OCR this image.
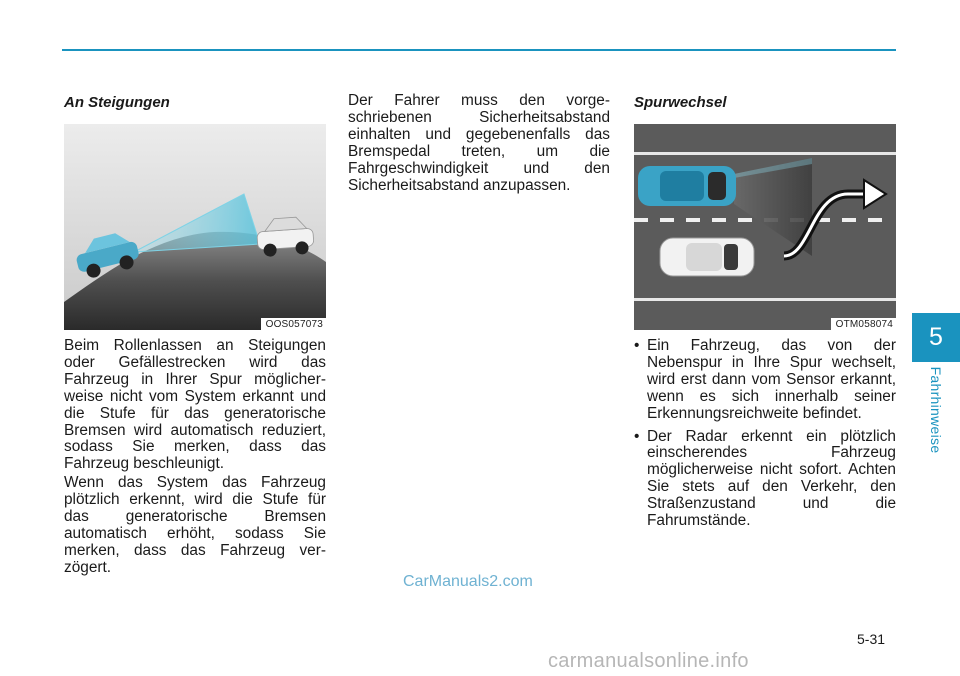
An Steigungen
OOS057073

Beim Rollenlassen an Steigungen oder Gefällestrecken wird das Fahrzeug in Ihrer Spur möglicher-weise nicht vom System erkannt und die Stufe für das generatorische Bremsen wird automatisch reduziert, sodass Sie merken, dass das Fahrzeug beschleunigt.

Wenn das System das Fahrzeug plötzlich erkennt, wird die Stufe für das generatorische Bremsen automatisch erhöht, sodass Sie merken, dass das Fahrzeug ver-zögert.

Der Fahrer muss den vorge-schriebenen Sicherheitsabstand einhalten und gegebenenfalls das Bremspedal treten, um die Fahrgeschwindigkeit und den Sicherheitsabstand anzupassen.

Spurwechsel
OTM058074
• Ein Fahrzeug, das von der Nebenspur in Ihre Spur wechselt, wird erst dann vom Sensor erkannt, wenn es sich innerhalb seiner Erkennungsreichweite befindet.
• Der Radar erkennt ein plötzlich einscherendes Fahrzeug möglicherweise nicht sofort. Achten Sie stets auf den Verkehr, den Straßenzustand und die Fahrumstände.
5
Fahrhinweise
CarManuals2.com
5-31
carmanualsonline.info
